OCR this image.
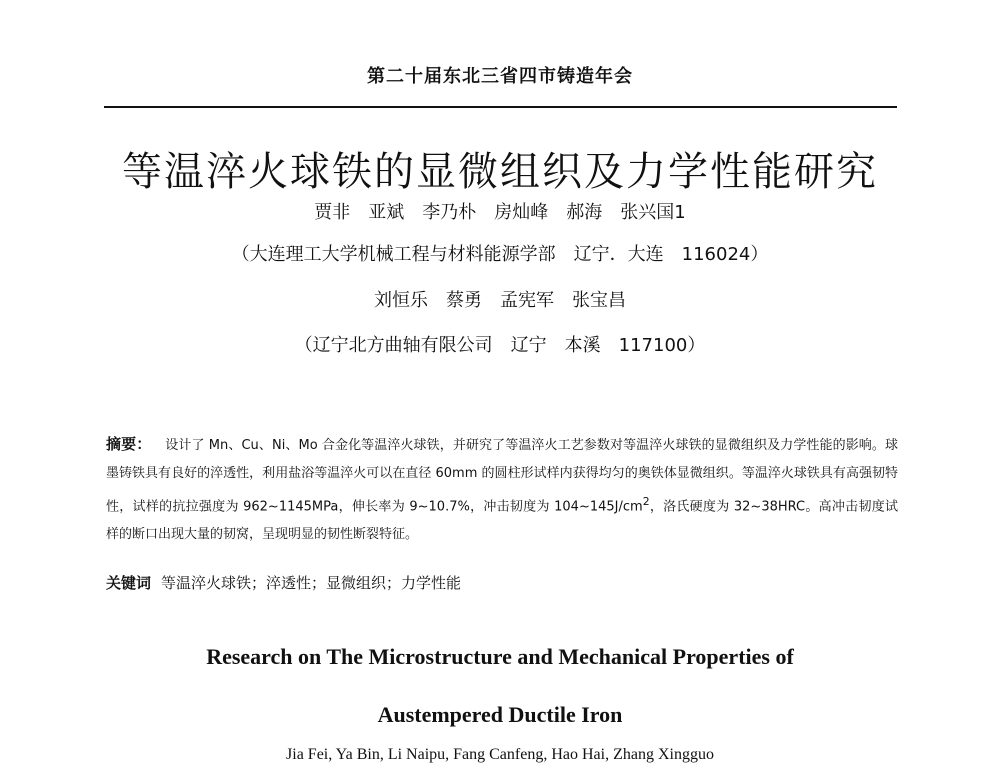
第二十届东北三省四市铸造年会
等温淬火球铁的显微组织及力学性能研究
贾非　亚斌　李乃朴　房灿峰　郝海　张兴国1
（大连理工大学机械工程与材料能源学部　辽宁．大连　116024）
刘恒乐　蔡勇　孟宪军　张宝昌
（辽宁北方曲轴有限公司　辽宁　本溪　117100）
摘要： 设计了 Mn、Cu、Ni、Mo 合金化等温淬火球铁，并研究了等温淬火工艺参数对等温淬火球铁的显微组织及力学性能的影响。球墨铸铁具有良好的淬透性，利用盐浴等温淬火可以在直径 60mm 的圆柱形试样内获得均匀的奥铁体显微组织。等温淬火球铁具有高强韧特性，试样的抗拉强度为 962~1145MPa，伸长率为 9~10.7%，冲击韧度为 $104\sim 145J/cm^2$，洛氏硬度为 32~38HRC。高冲击韧度试样的断口出现大量的韧窝，呈现明显的韧性断裂特征。
关键词 等温淬火球铁；淬透性；显微组织；力学性能
Research on The Microstructure and Mechanical Properties of
Austempered Ductile Iron
Jia Fei, Ya Bin, Li Naipu, Fang Canfeng, Hao Hai, Zhang Xingguo
